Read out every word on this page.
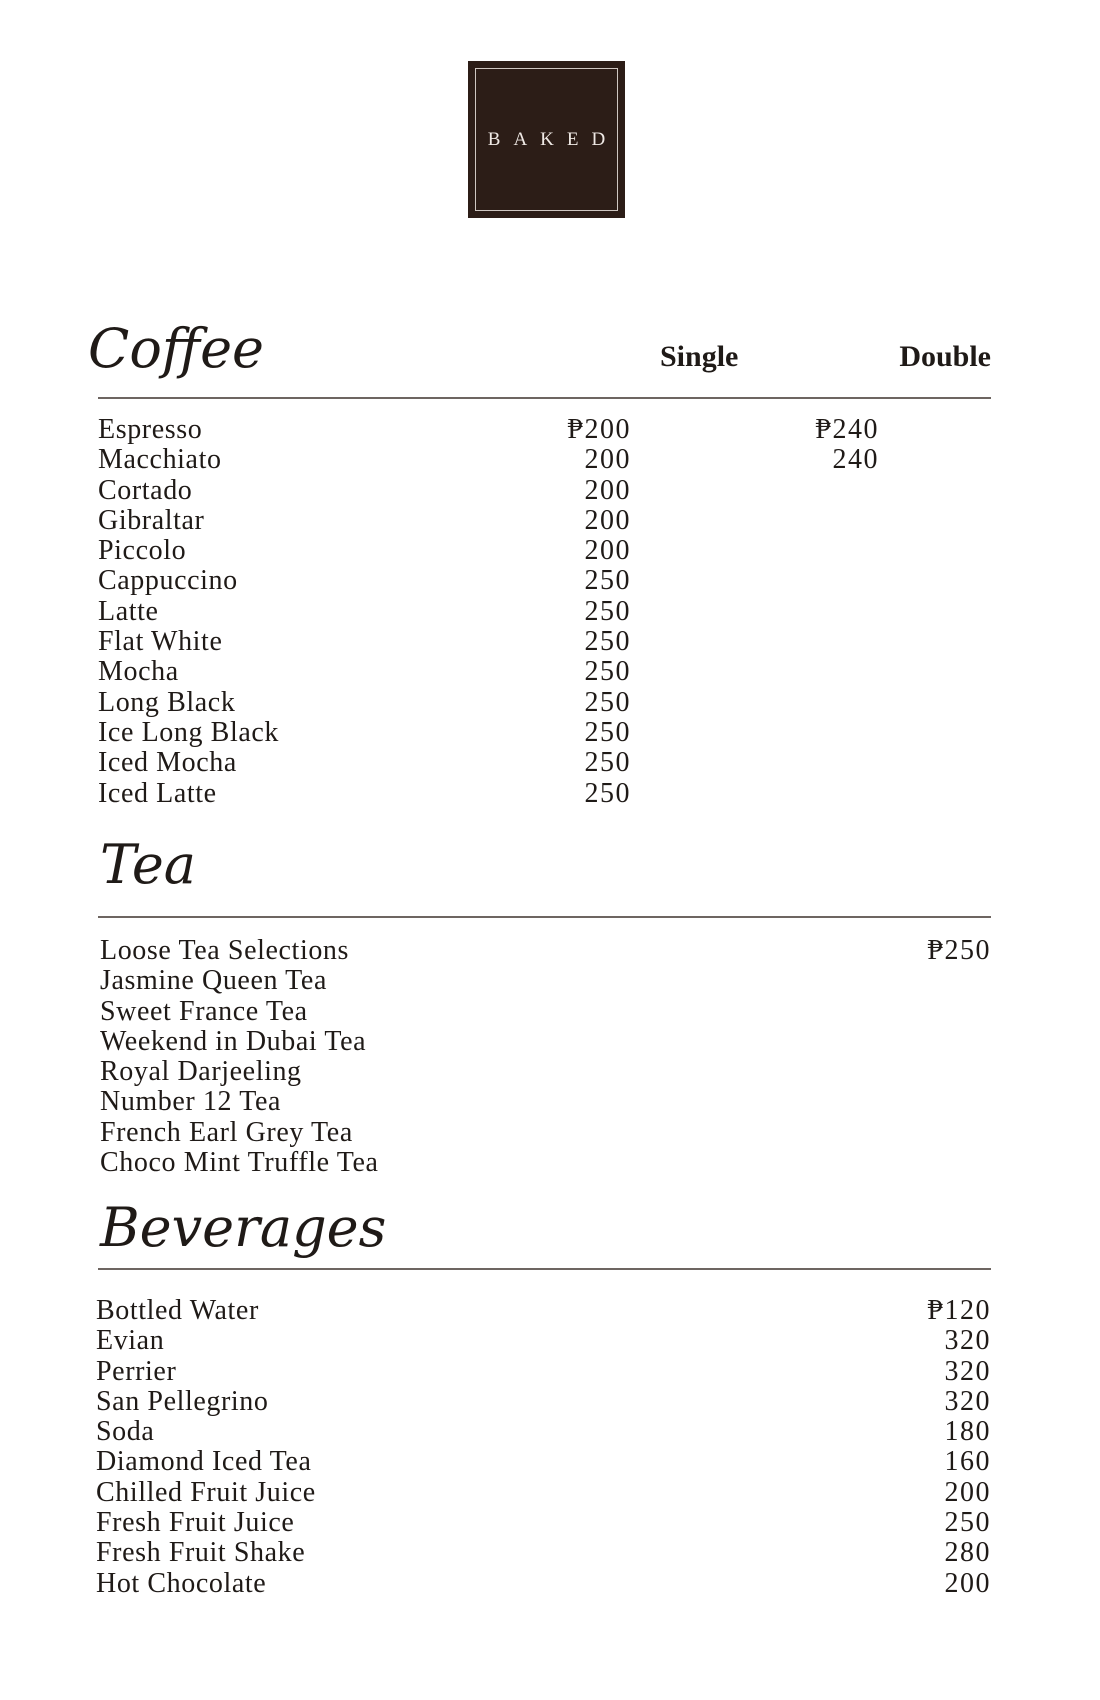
BAKED
Coffee	Single	Double
Espresso	₱200	₱240
Macchiato	200	240
Cortado	200
Gibraltar	200
Piccolo	200
Cappuccino	250
Latte	250
Flat White	250
Mocha	250
Long Black	250
Ice Long Black	250
Iced Mocha	250
Iced Latte	250
Tea
Loose Tea Selections	₱250
Jasmine Queen Tea
Sweet France Tea
Weekend in Dubai Tea
Royal Darjeeling
Number 12 Tea
French Earl Grey Tea
Choco Mint Truffle Tea
Beverages
Bottled Water	₱120
Evian	320
Perrier	320
San Pellegrino	320
Soda	180
Diamond Iced Tea	160
Chilled Fruit Juice	200
Fresh Fruit Juice	250
Fresh Fruit Shake	280
Hot Chocolate	200
